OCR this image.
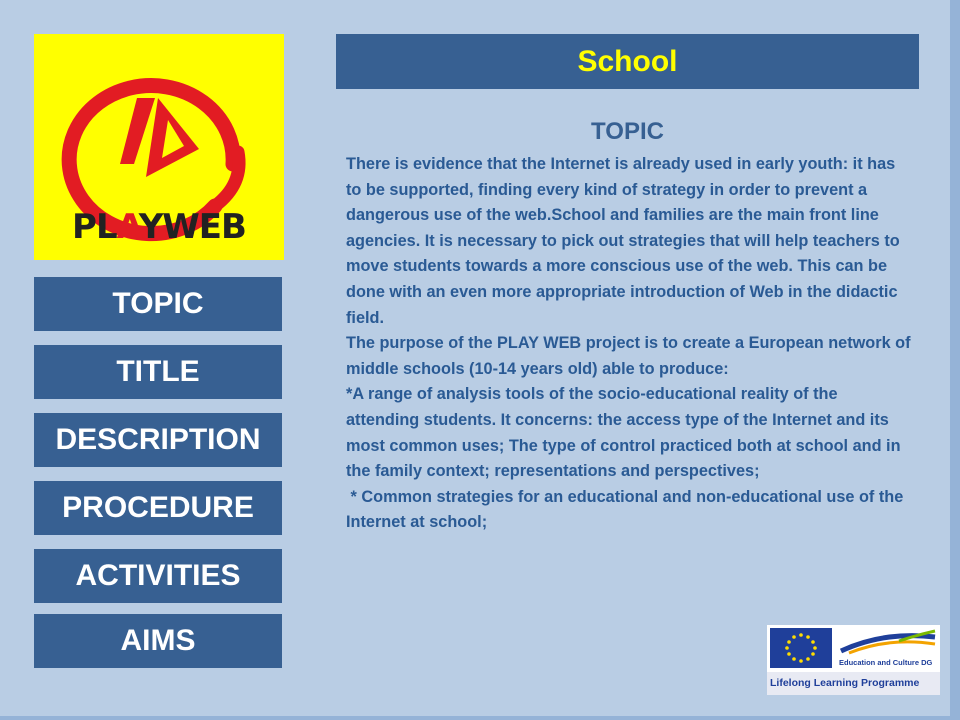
PLAYWEB
TOPIC
TITLE
DESCRIPTION
PROCEDURE
ACTIVITIES
AIMS
School
TOPIC

There is evidence that the Internet is already used in early youth: it has to be supported, finding every kind of strategy in order to prevent a dangerous use of the web.School and families are the main front line agencies. It is necessary to pick out strategies that will help teachers to move students towards a more conscious use of the web. This can be done with an even more appropriate introduction of Web in the didactic field.

The purpose of the PLAY WEB project is to create a European network of middle schools (10-14 years old) able to produce:

*A range of analysis tools of the socio-educational reality of the attending students. It concerns: the access type of the Internet and its most common uses; The type of control practiced both at school and in the family context; representations and perspectives;

* Common strategies for an educational and non-educational use of the Internet at school;

Education and Culture DG
Lifelong Learning Programme
